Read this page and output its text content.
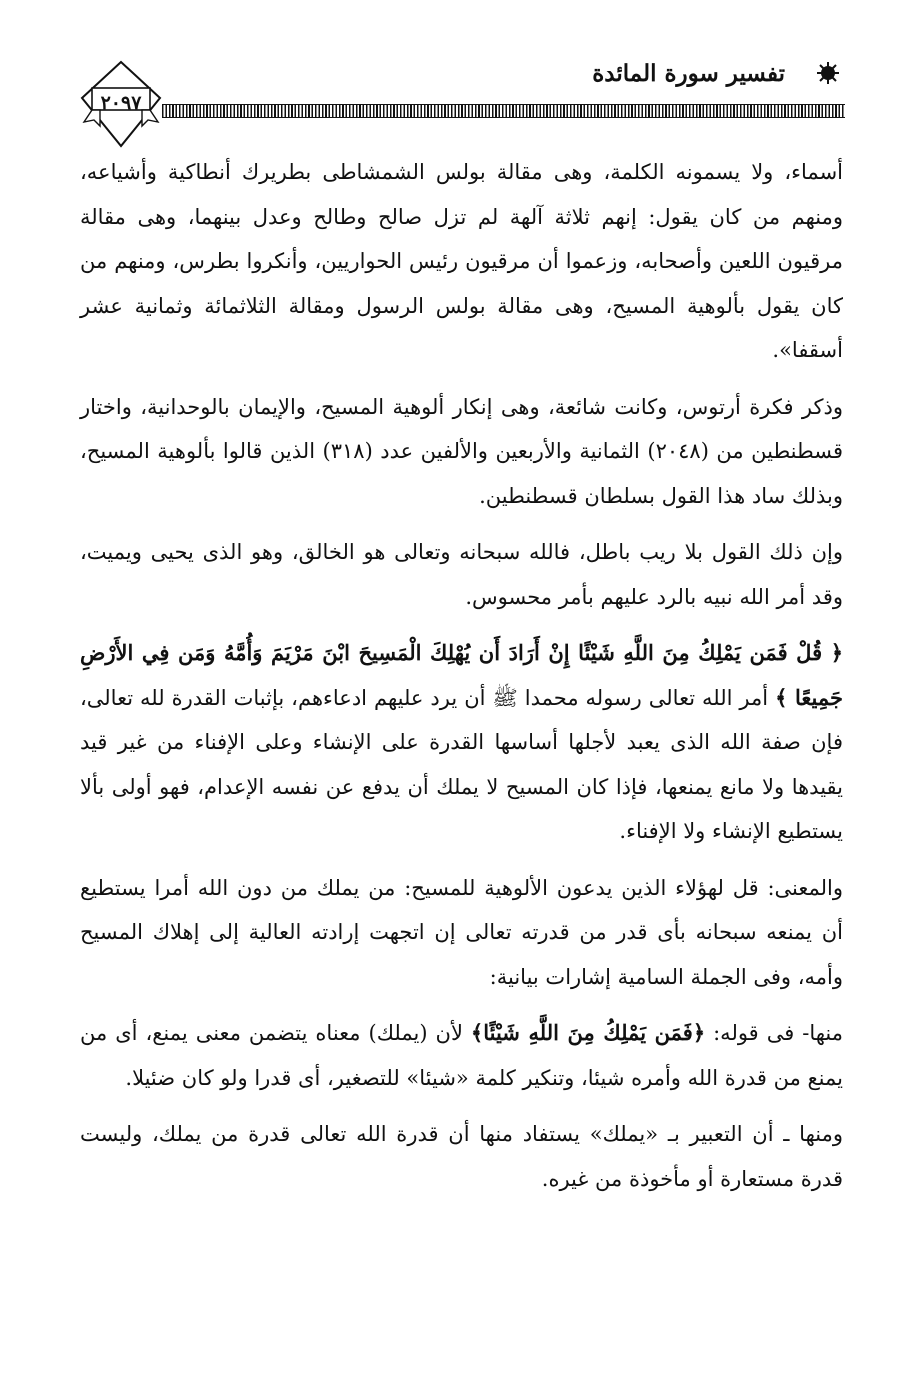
٢٠٩٧
تفسير سورة المائدة

أسماء، ولا يسمونه الكلمة، وهى مقالة بولس الشمشاطى بطريرك أنطاكية وأشياعه، ومنهم من كان يقول: إنهم ثلاثة آلهة لم تزل صالح وطالح وعدل بينهما، وهى مقالة مرقيون اللعين وأصحابه، وزعموا أن مرقيون رئيس الحواريين، وأنكروا بطرس، ومنهم من كان يقول بألوهية المسيح، وهى مقالة بولس الرسول ومقالة الثلاثمائة وثمانية عشر أسقفا».

وذكر فكرة أرتوس، وكانت شائعة، وهى إنكار ألوهية المسيح، والإيمان بالوحدانية، واختار قسطنطين من (٢٠٤٨) الثمانية والأربعين والألفين عدد (٣١٨) الذين قالوا بألوهية المسيح، وبذلك ساد هذا القول بسلطان قسطنطين.

وإن ذلك القول بلا ريب باطل، فالله سبحانه وتعالى هو الخالق، وهو الذى يحيى ويميت، وقد أمر الله نبيه بالرد عليهم بأمر محسوس.

﴿ قُلْ فَمَن يَمْلِكُ مِنَ اللَّهِ شَيْئًا إِنْ أَرَادَ أَن يُهْلِكَ الْمَسِيحَ ابْنَ مَرْيَمَ وَأُمَّهُ وَمَن فِي الأَرْضِ جَمِيعًا ﴾ أمر الله تعالى رسوله محمدا ﷺ أن يرد عليهم ادعاءهم، بإثبات القدرة لله تعالى، فإن صفة الله الذى يعبد لأجلها أساسها القدرة على الإنشاء وعلى الإفناء من غير قيد يقيدها ولا مانع يمنعها، فإذا كان المسيح لا يملك أن يدفع عن نفسه الإعدام، فهو أولى بألا يستطيع الإنشاء ولا الإفناء.

والمعنى: قل لهؤلاء الذين يدعون الألوهية للمسيح: من يملك من دون الله أمرا يستطيع أن يمنعه سبحانه بأى قدر من قدرته تعالى إن اتجهت إرادته العالية إلى إهلاك المسيح وأمه، وفى الجملة السامية إشارات بيانية:

منها- فى قوله: ﴿فَمَن يَمْلِكُ مِنَ اللَّهِ شَيْئًا﴾ لأن (يملك) معناه يتضمن معنى يمنع، أى من يمنع من قدرة الله وأمره شيئا، وتنكير كلمة «شيئا» للتصغير، أى قدرا ولو كان ضئيلا.

ومنها ـ أن التعبير بـ «يملك» يستفاد منها أن قدرة الله تعالى قدرة من يملك، وليست قدرة مستعارة أو مأخوذة من غيره.
